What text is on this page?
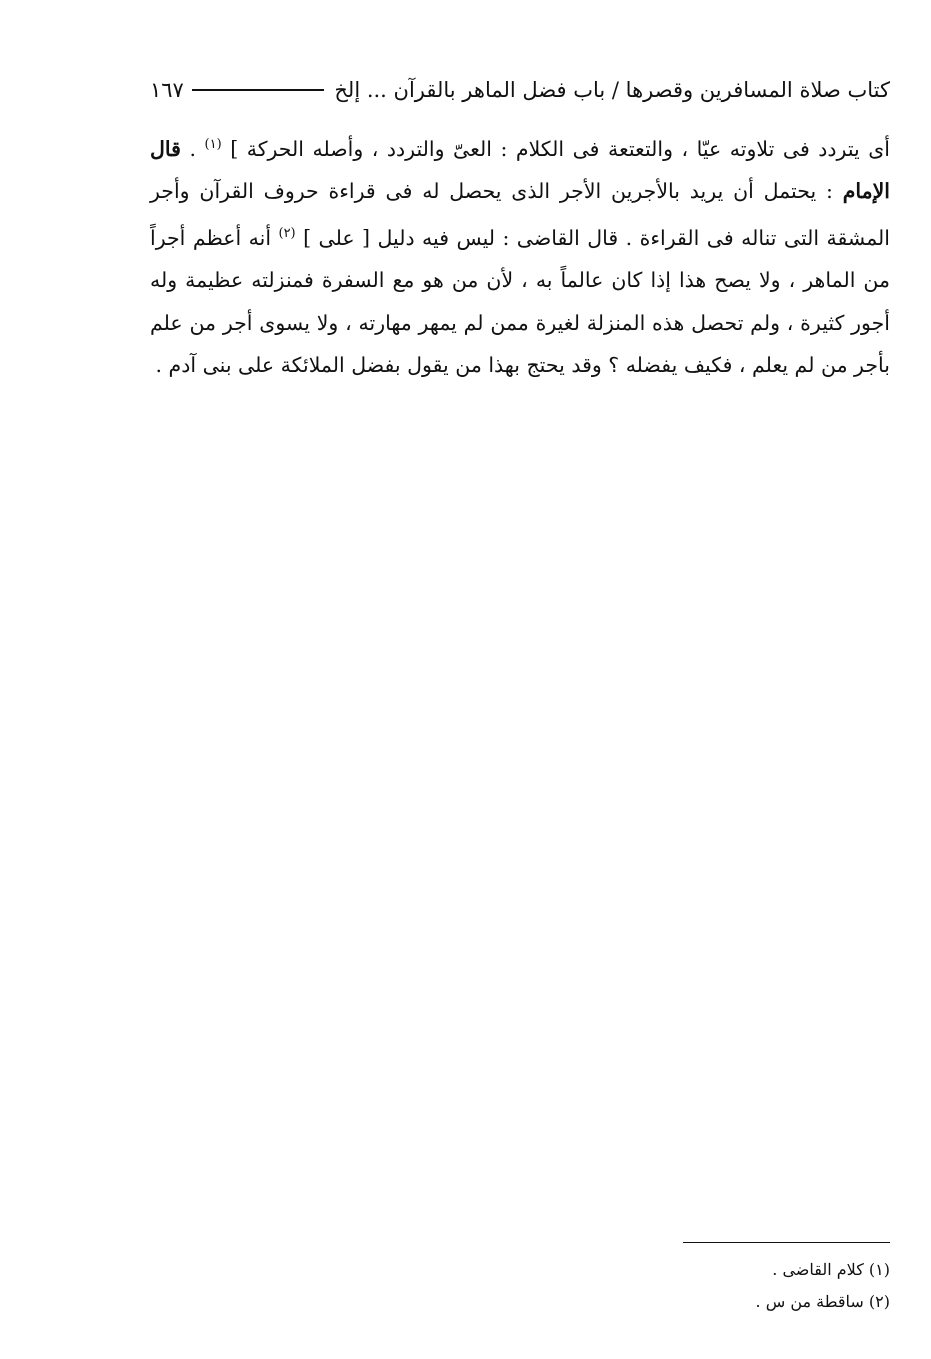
كتاب صلاة المسافرين وقصرها / باب فضل الماهر بالقرآن ... إلخ
١٦٧
أى يتردد فى تلاوته عيّا ، والتعتعة فى الكلام : العىّ والتردد ، وأصله الحركة ] $^{(١)}$ . قال الإمام : يحتمل أن يريد بالأجرين الأجر الذى يحصل له فى قراءة حروف القرآن وأجر المشقة التى تناله فى القراءة . قال القاضى : ليس فيه دليل [ على ] $^{(٢)}$ أنه أعظم أجراً من الماهر ، ولا يصح هذا إذا كان عالماً به ، لأن من هو مع السفرة فمنزلته عظيمة وله أجور كثيرة ، ولم تحصل هذه المنزلة لغيرة ممن لم يمهر مهارته ، ولا يسوى أجر من علم بأجر من لم يعلم ، فكيف يفضله ؟ وقد يحتج بهذا من يقول بفضل الملائكة على بنى آدم .
(١) كلام القاضى .
(٢) ساقطة من س .
